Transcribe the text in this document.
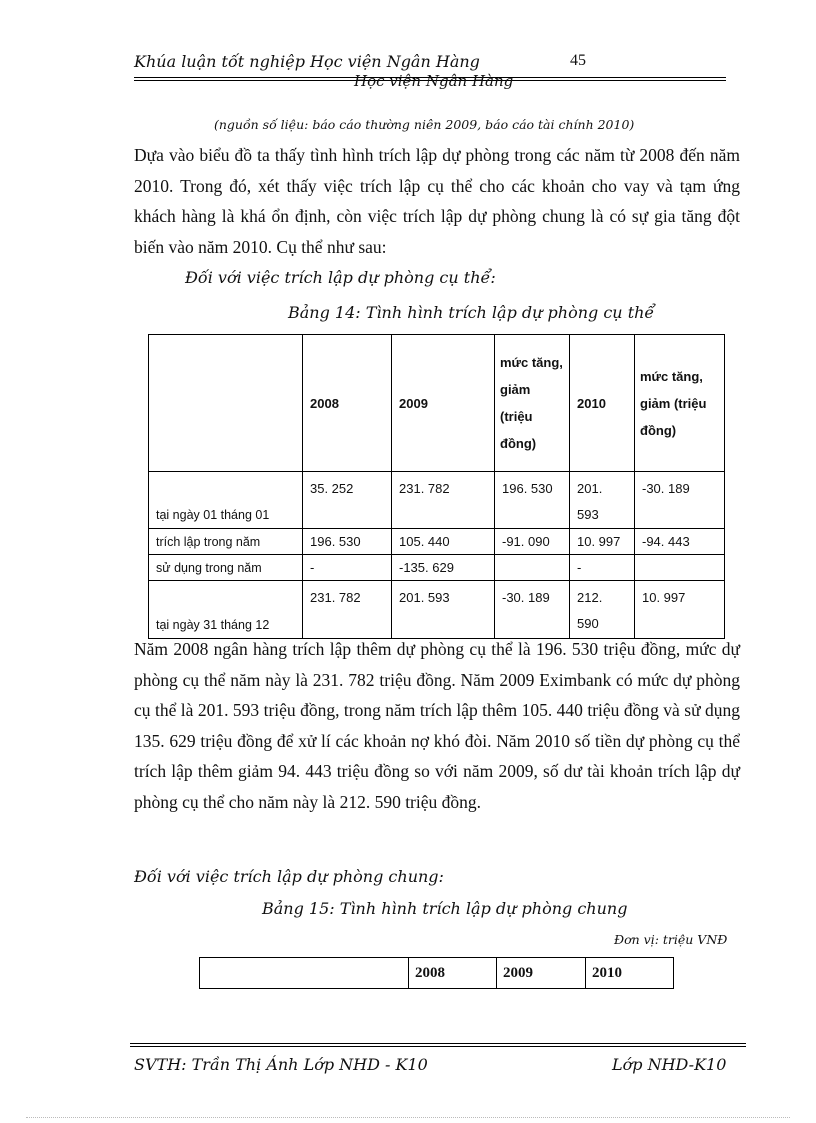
Khúa luận tốt nghiệp Học viện Ngân Hàng	45
Học viện Ngân Hàng
(nguồn số liệu: báo cáo thường niên 2009, báo cáo tài chính 2010)
Dựa vào biểu đồ ta thấy tình hình trích lập dự phòng trong các năm từ 2008 đến năm 2010. Trong đó, xét thấy việc trích lập cụ thể cho các khoản cho vay và tạm ứng khách hàng là khá ổn định, còn việc trích lập dự phòng chung là có sự gia tăng đột biến vào năm 2010. Cụ thể như sau:
Đối với việc trích lập dự phòng cụ thể:
Bảng 14: Tình hình trích lập dự phòng cụ thể
	2008	2009	mức tăng, giảm (triệu đồng)	2010	mức tăng, giảm (triệu đồng)
tại ngày 01 tháng 01	35. 252	231. 782	196. 530	201. 593	-30. 189
trích lập trong năm	196. 530	105. 440	-91. 090	10. 997	-94. 443
sử dụng trong năm	-	-135. 629		-	
tại ngày 31 tháng 12	231. 782	201. 593	-30. 189	212. 590	10. 997
Năm 2008 ngân hàng trích lập thêm dự phòng cụ thể là 196. 530 triệu đồng, mức dự phòng cụ thể năm này là 231. 782 triệu đồng. Năm 2009 Eximbank có mức dự phòng cụ thể là 201. 593 triệu đồng, trong năm trích lập thêm 105. 440 triệu đồng và sử dụng 135. 629 triệu đồng để xử lí các khoản nợ khó đòi. Năm 2010 số tiền dự phòng cụ thể trích lập thêm giảm 94. 443 triệu đồng so với năm 2009, số dư tài khoản trích lập dự phòng cụ thể cho năm này là 212. 590 triệu đồng.
Đối với việc trích lập dự phòng chung:
Bảng 15: Tình hình trích lập dự phòng chung
Đơn vị: triệu VNĐ
	2008	2009	2010
SVTH: Trần Thị Ánh Lớp NHD - K10	Lớp NHD-K10
